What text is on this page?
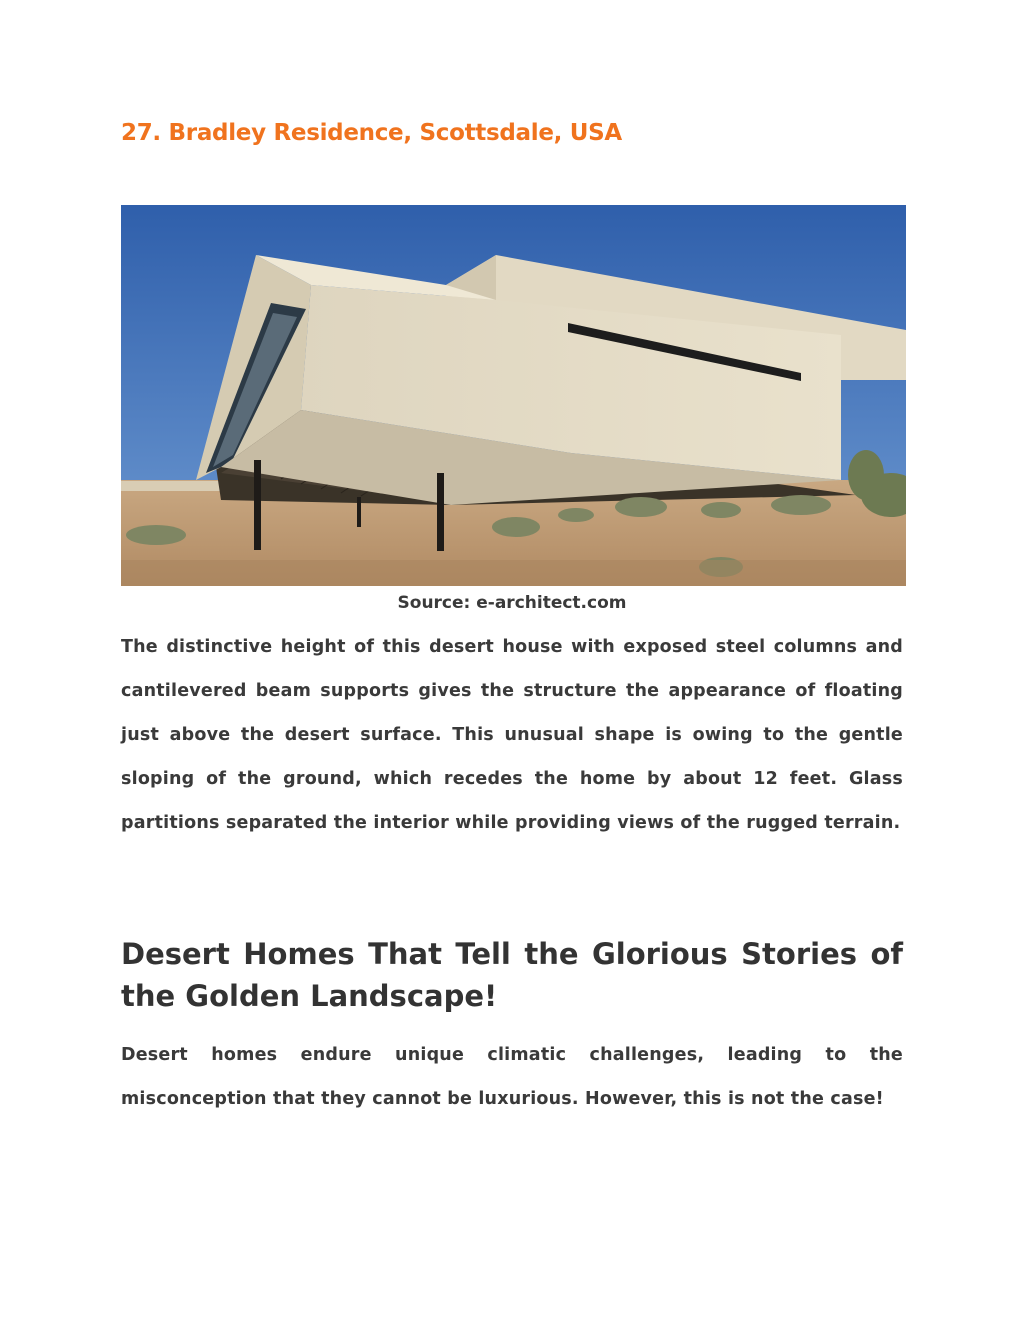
27. Bradley Residence, Scottsdale, USA
Source: e-architect.com

The distinctive height of this desert house with exposed steel columns and cantilevered beam supports gives the structure the appearance of floating just above the desert surface. This unusual shape is owing to the gentle sloping of the ground, which recedes the home by about 12 feet. Glass partitions separated the interior while providing views of the rugged terrain.

Desert Homes That Tell the Glorious Stories of the Golden Landscape!

Desert homes endure unique climatic challenges, leading to the misconception that they cannot be luxurious. However, this is not the case!
